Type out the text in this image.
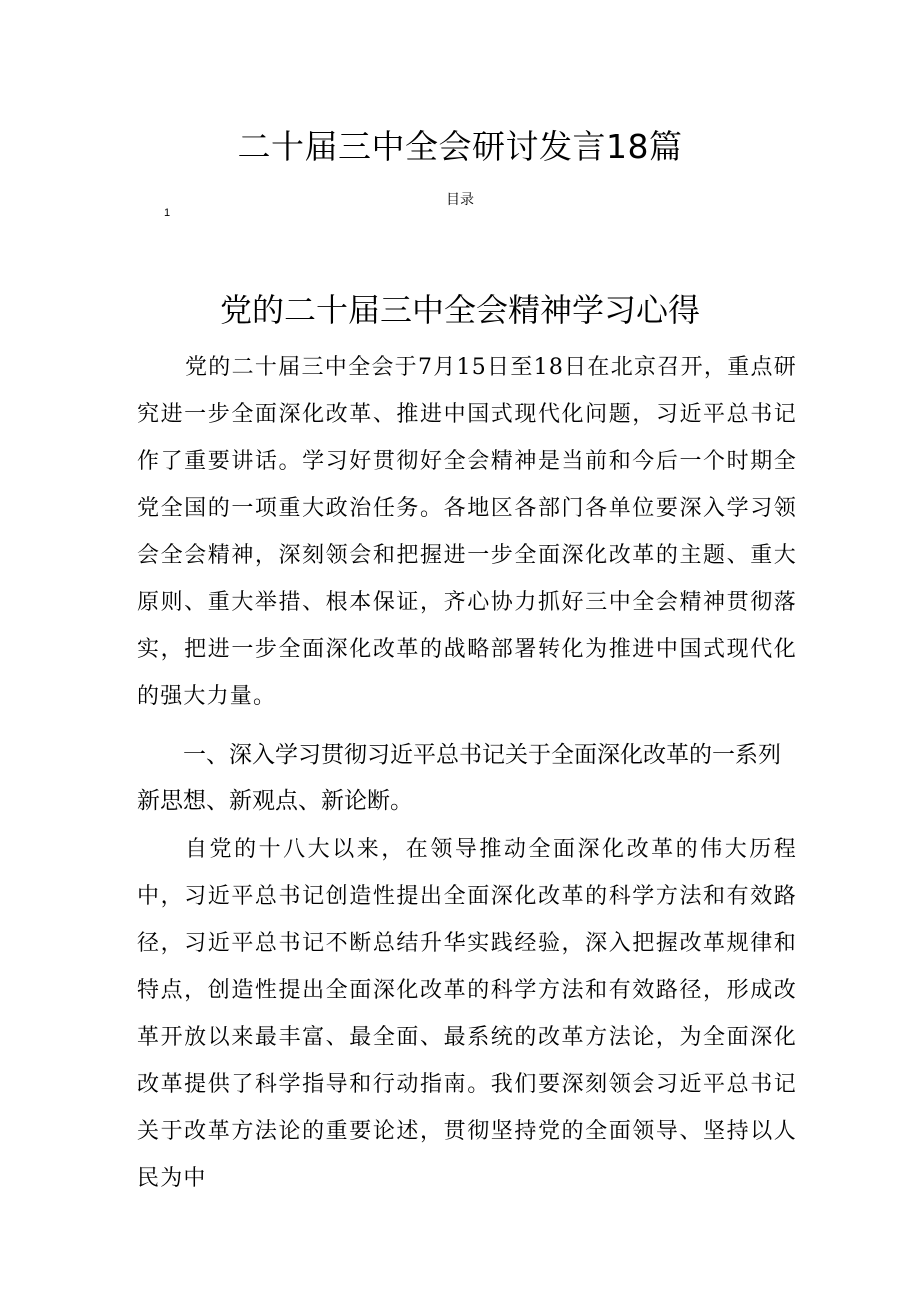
二十届三中全会研讨发言18篇
目录
1
党的二十届三中全会精神学习心得

党的二十届三中全会于7月15日至18日在北京召开，重点研究进一步全面深化改革、推进中国式现代化问题，习近平总书记作了重要讲话。学习好贯彻好全会精神是当前和今后一个时期全党全国的一项重大政治任务。各地区各部门各单位要深入学习领会全会精神，深刻领会和把握进一步全面深化改革的主题、重大原则、重大举措、根本保证，齐心协力抓好三中全会精神贯彻落实，把进一步全面深化改革的战略部署转化为推进中国式现代化的强大力量。

一、深入学习贯彻习近平总书记关于全面深化改革的一系列新思想、新观点、新论断。

自党的十八大以来，在领导推动全面深化改革的伟大历程中，习近平总书记创造性提出全面深化改革的科学方法和有效路径，习近平总书记不断总结升华实践经验，深入把握改革规律和特点，创造性提出全面深化改革的科学方法和有效路径，形成改革开放以来最丰富、最全面、最系统的改革方法论，为全面深化改革提供了科学指导和行动指南。我们要深刻领会习近平总书记关于改革方法论的重要论述，贯彻坚持党的全面领导、坚持以人民为中
